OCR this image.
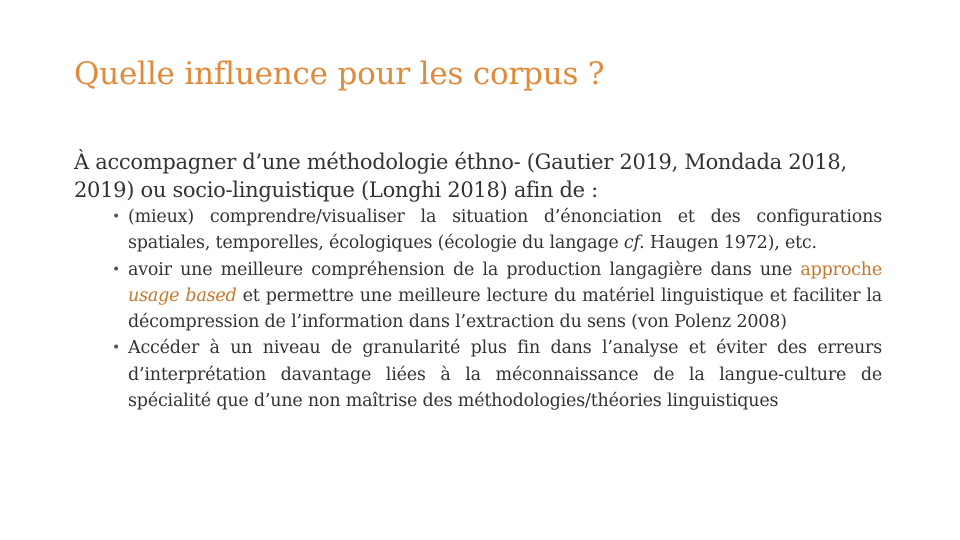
Quelle influence pour les corpus ?

À accompagner d’une méthodologie éthno- (Gautier 2019, Mondada 2018, 2019) ou socio-linguistique (Longhi 2018) afin de :

• (mieux) comprendre/visualiser la situation d’énonciation et des configurations spatiales, temporelles, écologiques (écologie du langage cf. Haugen 1972), etc.
• avoir une meilleure compréhension de la production langagière dans une approche usage based et permettre une meilleure lecture du matériel linguistique et faciliter la décompression de l’information dans l’extraction du sens (von Polenz 2008)
• Accéder à un niveau de granularité plus fin dans l’analyse et éviter des erreurs d’interprétation davantage liées à la méconnaissance de la langue-culture de spécialité que d’une non maîtrise des méthodologies/théories linguistiques
